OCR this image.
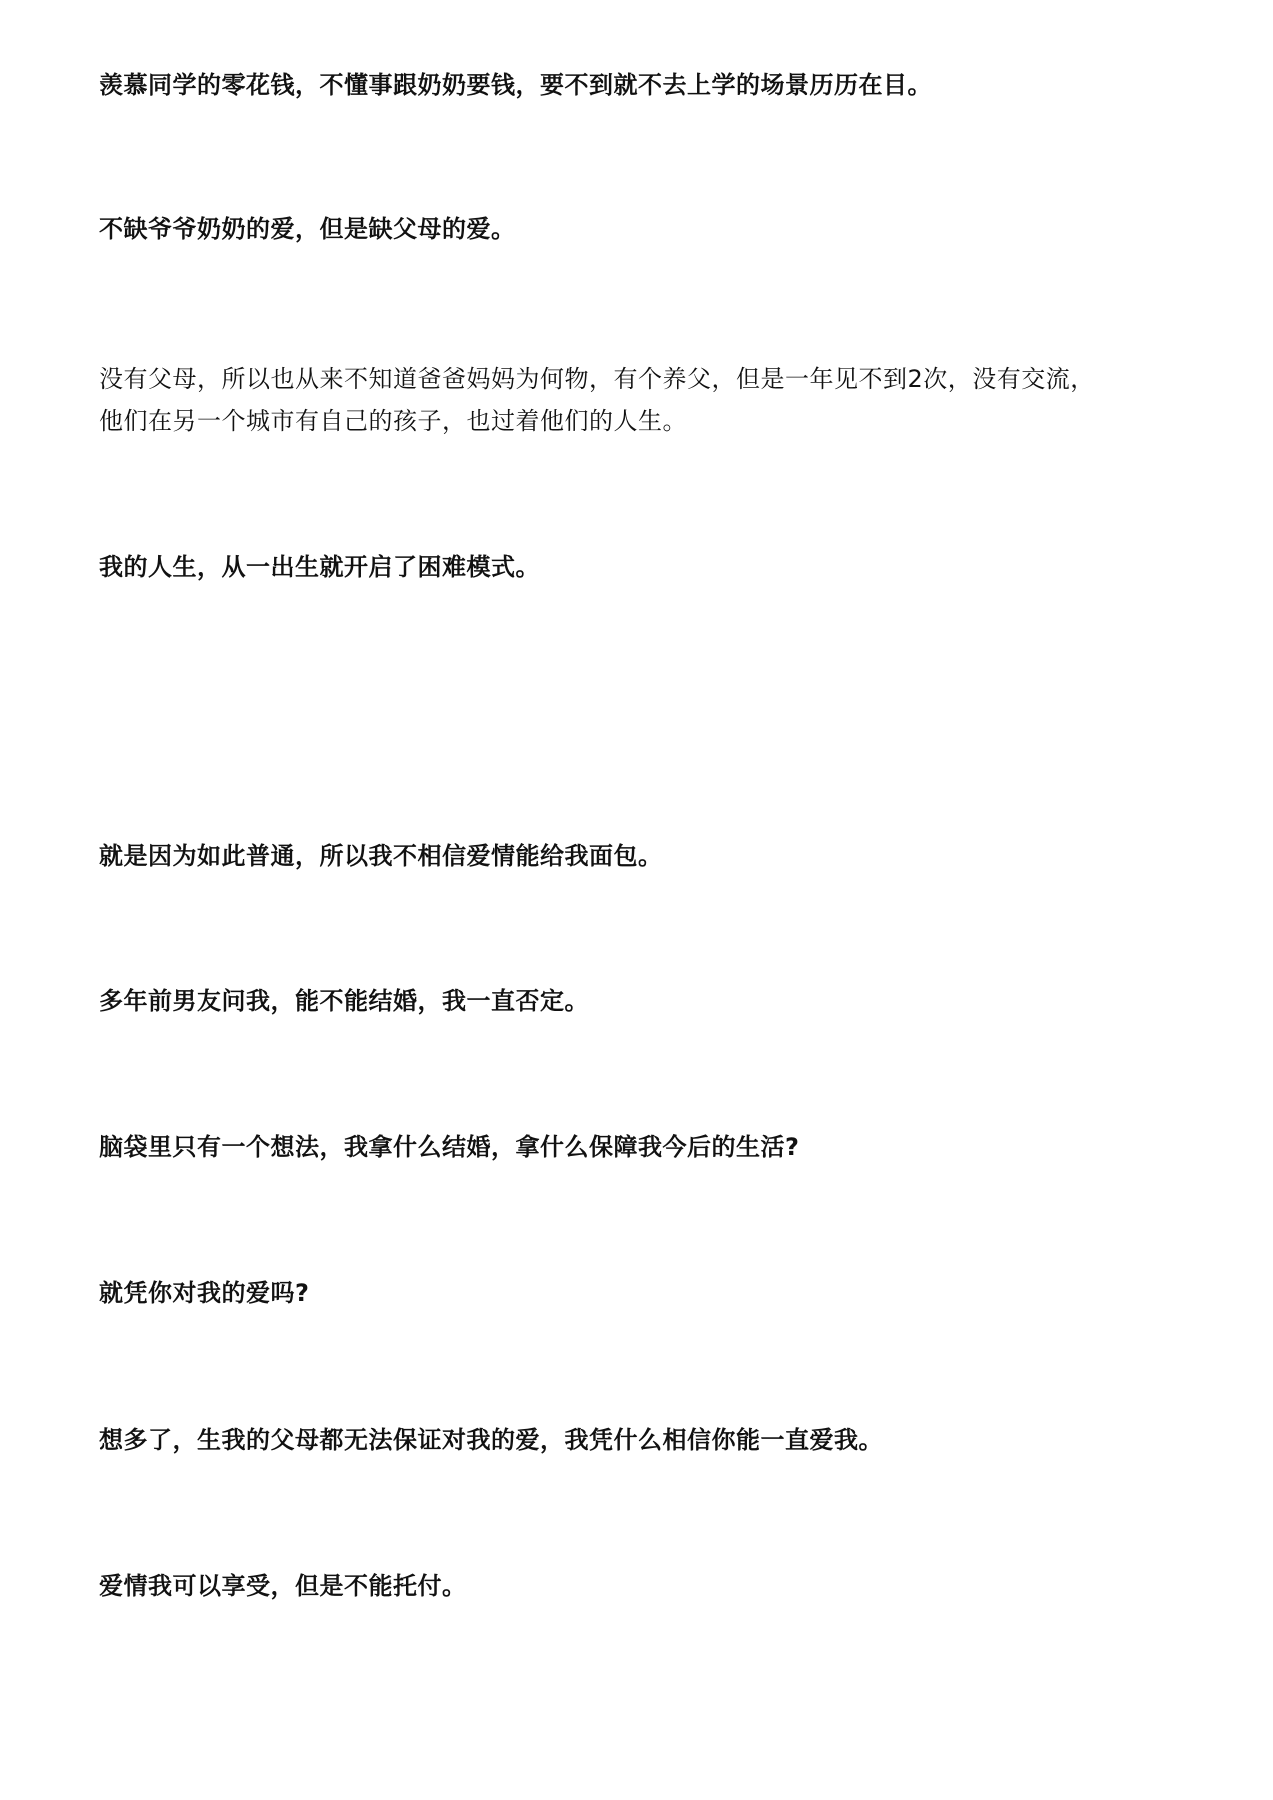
羡慕同学的零花钱，不懂事跟奶奶要钱，要不到就不去上学的场景历历在目。

不缺爷爷奶奶的爱，但是缺父母的爱。

没有父母，所以也从来不知道爸爸妈妈为何物，有个养父，但是一年见不到2次，没有交流，
他们在另一个城市有自己的孩子，也过着他们的人生。

我的人生，从一出生就开启了困难模式。

就是因为如此普通，所以我不相信爱情能给我面包。

多年前男友问我，能不能结婚，我一直否定。

脑袋里只有一个想法，我拿什么结婚，拿什么保障我今后的生活?

就凭你对我的爱吗?

想多了，生我的父母都无法保证对我的爱，我凭什么相信你能一直爱我。

爱情我可以享受，但是不能托付。
